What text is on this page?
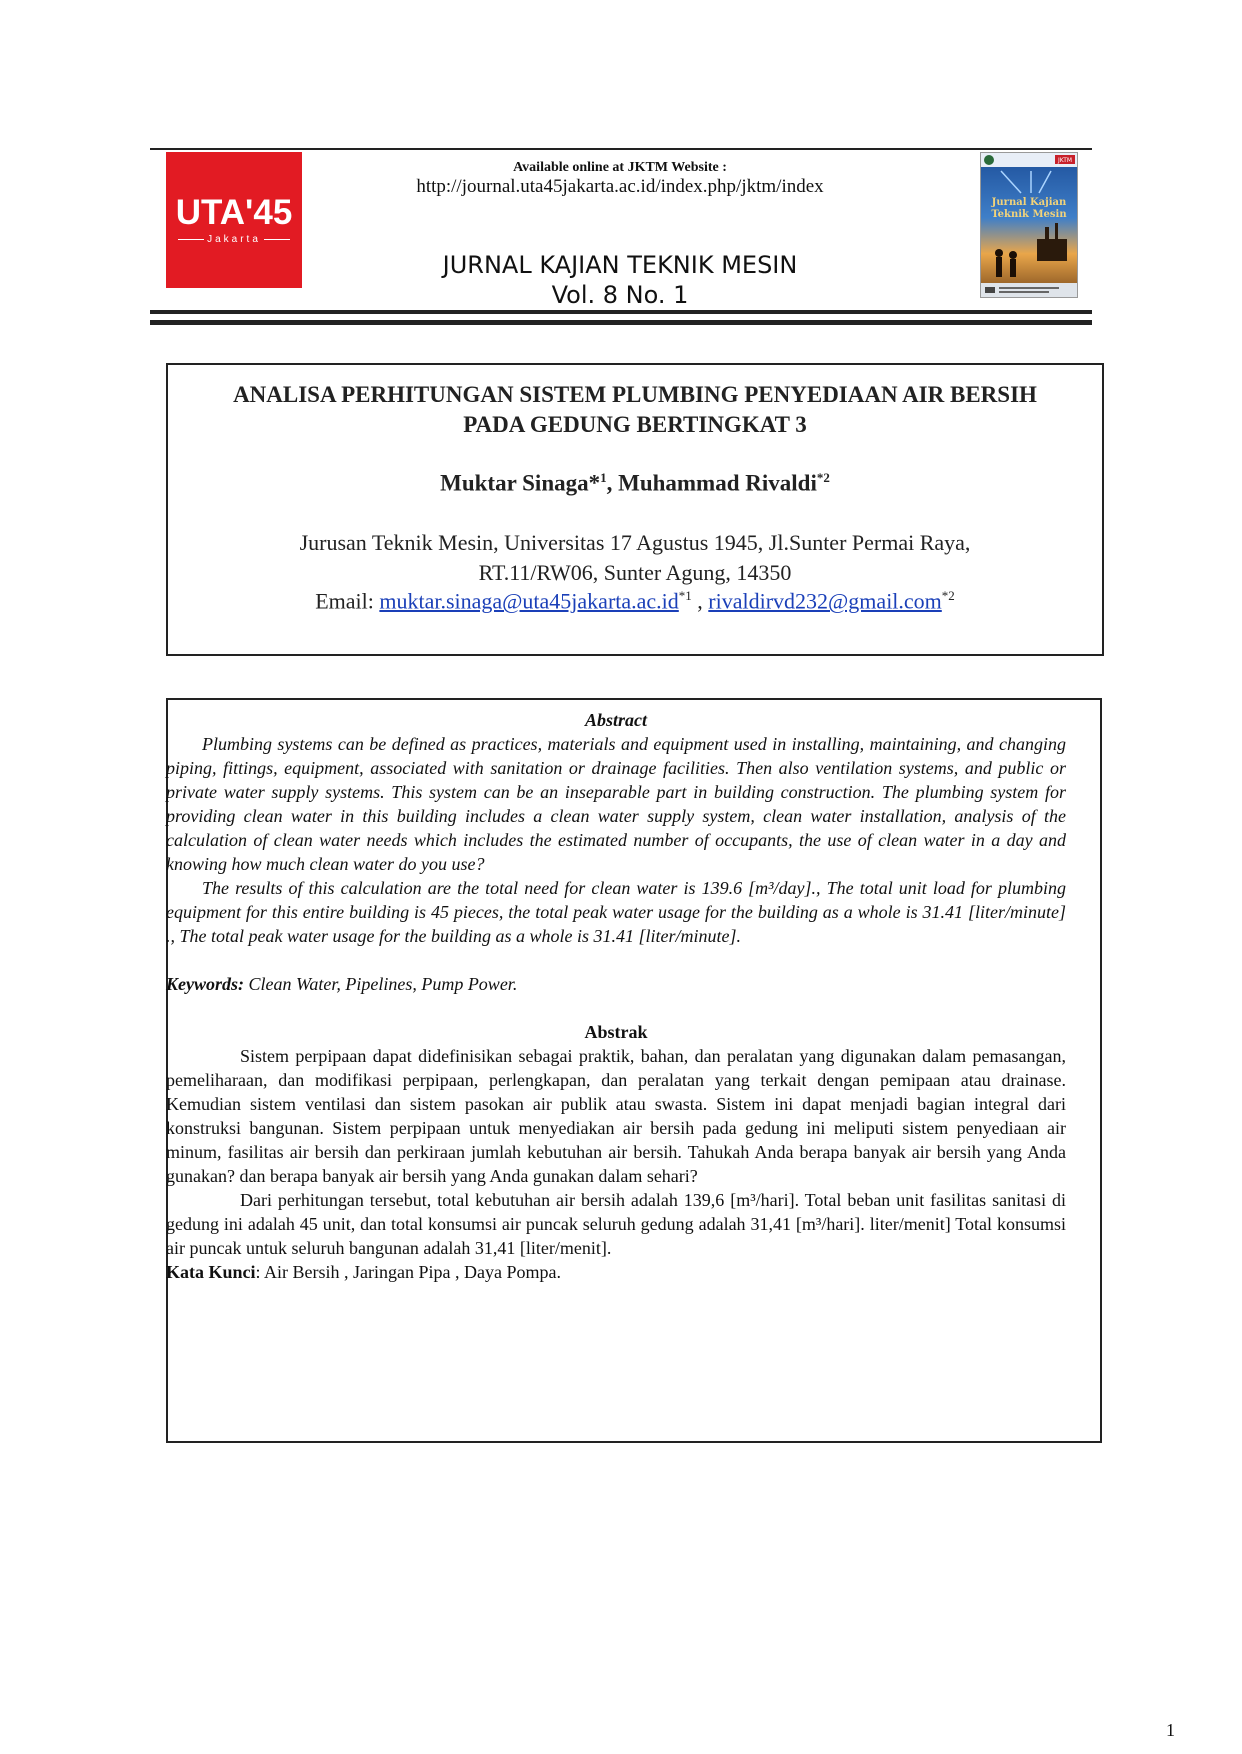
UTA'45
Jakarta
Available online at JKTM Website :
http://journal.uta45jakarta.ac.id/index.php/jktm/index
JURNAL KAJIAN TEKNIK MESIN
Vol. 8 No. 1
JKTM
Jurnal Kajian
Teknik Mesin
ANALISA PERHITUNGAN SISTEM PLUMBING PENYEDIAAN AIR BERSIH
PADA GEDUNG BERTINGKAT 3
Muktar Sinaga*$^1$, Muhammad Rivaldi$^{*2}$
Jurusan Teknik Mesin, Universitas 17 Agustus 1945, Jl.Sunter Permai Raya,
RT.11/RW06, Sunter Agung, 14350
Email: $muktar.sinaga@uta45jakarta.ac.id^{*1}$ , rivaldirvd232@gmail.com$^{*2}$
Abstract

Plumbing systems can be defined as practices, materials and equipment used in installing, maintaining, and changing piping, fittings, equipment, associated with sanitation or drainage facilities. Then also ventilation systems, and public or private water supply systems. This system can be an inseparable part in building construction. The plumbing system for providing clean water in this building includes a clean water supply system, clean water installation, analysis of the calculation of clean water needs which includes the estimated number of occupants, the use of clean water in a day and knowing how much clean water do you use?

The results of this calculation are the total need for clean water is 139.6 [m³/day]., The total unit load for plumbing equipment for this entire building is 45 pieces, the total peak water usage for the building as a whole is 31.41 [liter/minute] ., The total peak water usage for the building as a whole is 31.41 [liter/minute].

Keywords: Clean Water, Pipelines, Pump Power.

Abstrak

Sistem perpipaan dapat didefinisikan sebagai praktik, bahan, dan peralatan yang digunakan dalam pemasangan, pemeliharaan, dan modifikasi perpipaan, perlengkapan, dan peralatan yang terkait dengan pemipaan atau drainase. Kemudian sistem ventilasi dan sistem pasokan air publik atau swasta. Sistem ini dapat menjadi bagian integral dari konstruksi bangunan. Sistem perpipaan untuk menyediakan air bersih pada gedung ini meliputi sistem penyediaan air minum, fasilitas air bersih dan perkiraan jumlah kebutuhan air bersih. Tahukah Anda berapa banyak air bersih yang Anda gunakan? dan berapa banyak air bersih yang Anda gunakan dalam sehari?

Dari perhitungan tersebut, total kebutuhan air bersih adalah 139,6 [m³/hari]. Total beban unit fasilitas sanitasi di gedung ini adalah 45 unit, dan total konsumsi air puncak seluruh gedung adalah 31,41 [m³/hari]. liter/menit] Total konsumsi air puncak untuk seluruh bangunan adalah 31,41 [liter/menit].

Kata Kunci: Air Bersih , Jaringan Pipa , Daya Pompa.

1
